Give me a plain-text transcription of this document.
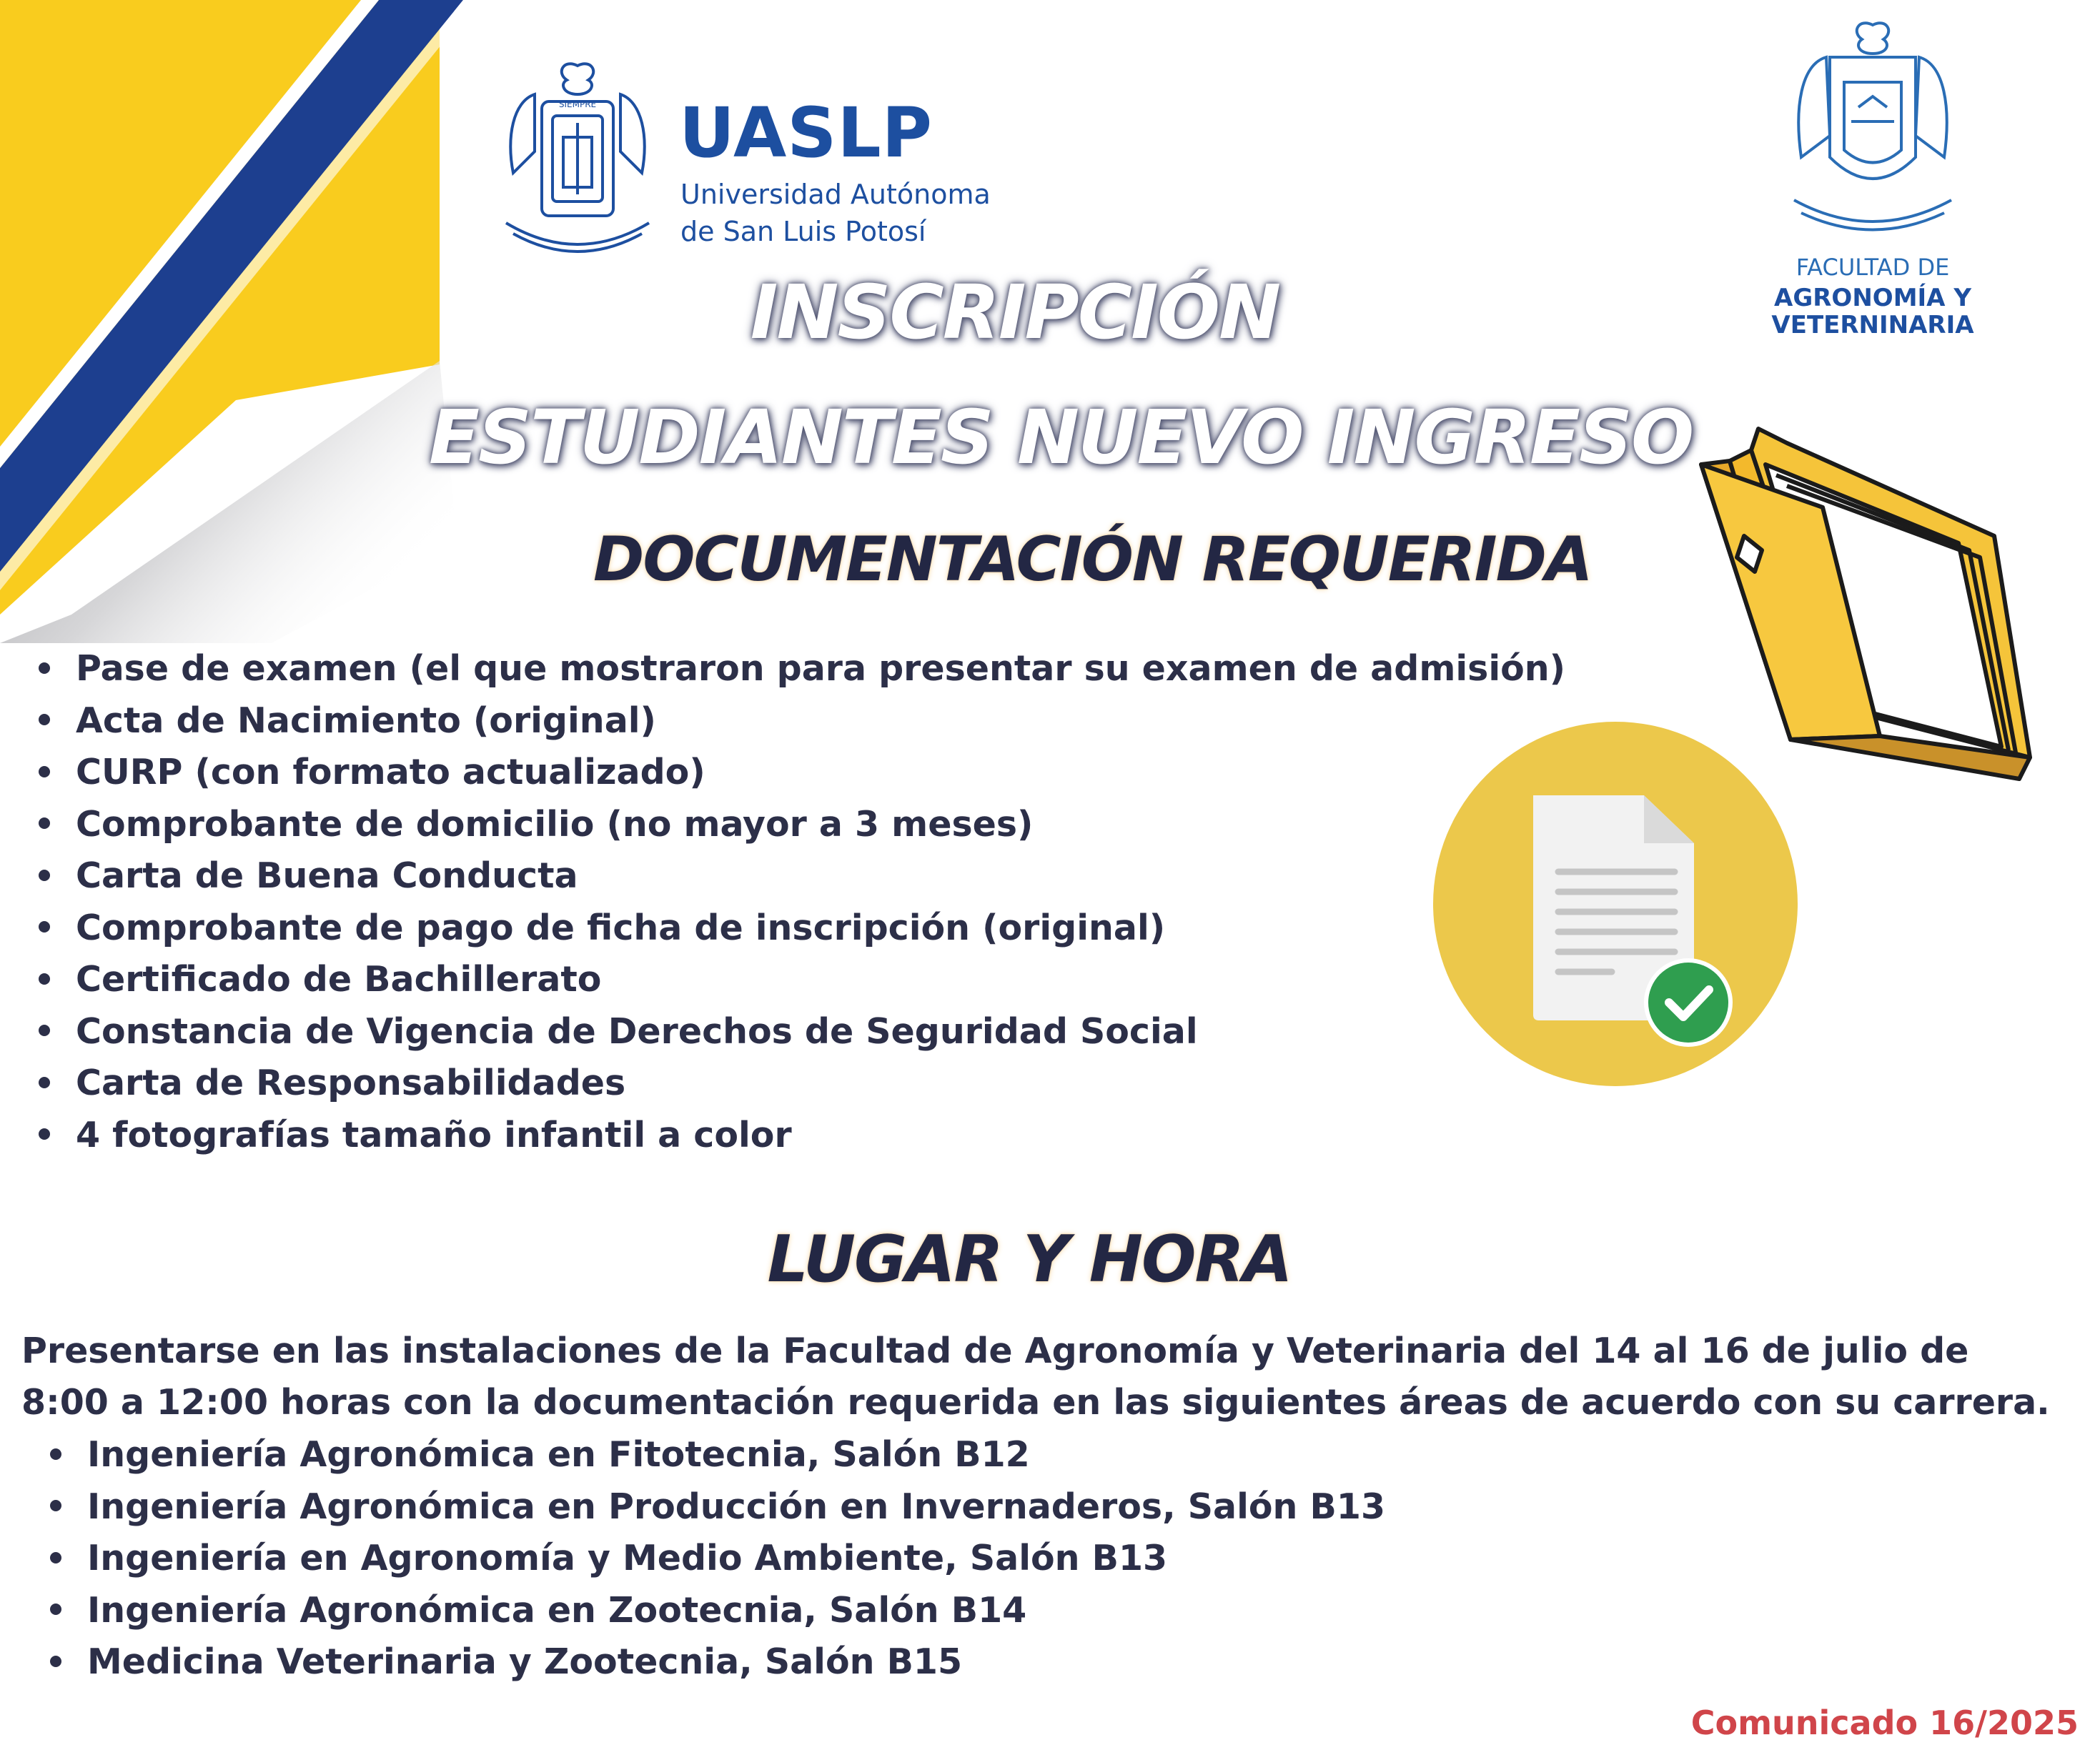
SIEMPRE UASLP
Universidad Autónoma
de San Luis Potosí
FACULTAD DE
AGRONOMÍA Y
VETERNINARIA
INSCRIPCIÓN
ESTUDIANTES NUEVO INGRESO
DOCUMENTACIÓN REQUERIDA
Pase de examen (el que mostraron para presentar su examen de admisión)
Acta de Nacimiento (original)
CURP (con formato actualizado)
Comprobante de domicilio (no mayor a 3 meses)
Carta de Buena Conducta
Comprobante de pago de ficha de inscripción (original)
Certificado de Bachillerato
Constancia de Vigencia de Derechos de Seguridad Social
Carta de Responsabilidades
4 fotografías tamaño infantil a color
LUGAR Y HORA
Presentarse en las instalaciones de la Facultad de Agronomía y Veterinaria del 14 al 16 de julio de
8:00 a 12:00 horas con la documentación requerida en las siguientes áreas de acuerdo con su carrera.
Ingeniería Agronómica en Fitotecnia, Salón B12
Ingeniería Agronómica en Producción en Invernaderos, Salón B13
Ingeniería en Agronomía y Medio Ambiente, Salón B13
Ingeniería Agronómica en Zootecnia, Salón B14
Medicina Veterinaria y Zootecnia, Salón B15
Comunicado 16/2025
